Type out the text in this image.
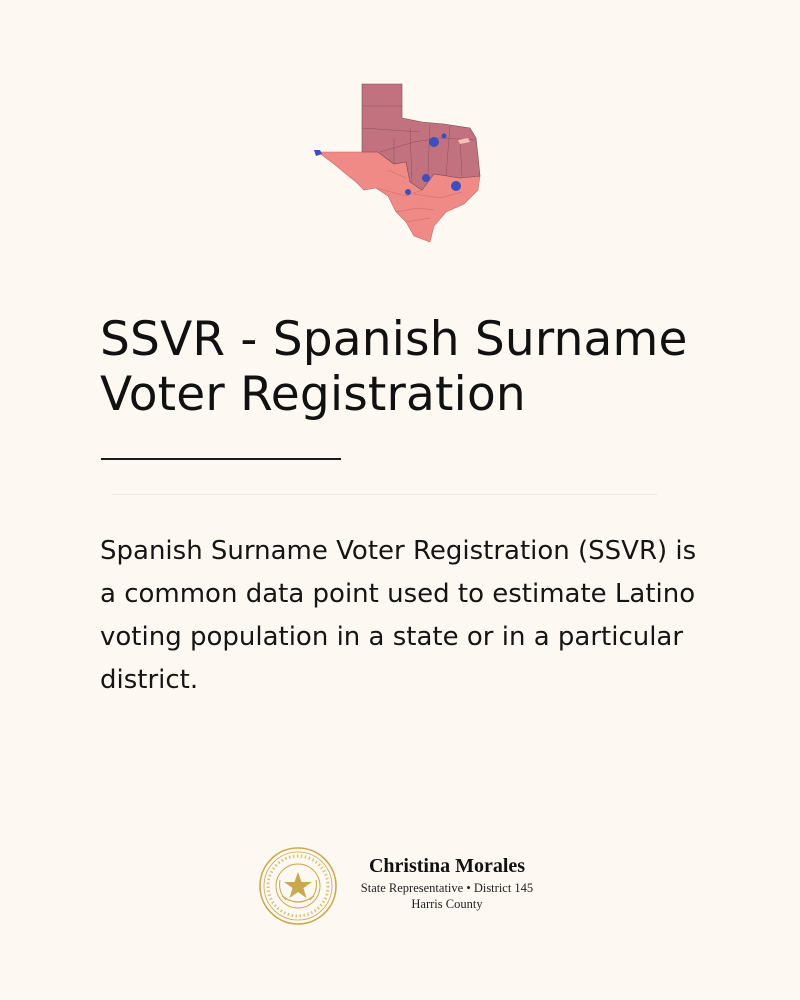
SSVR - Spanish Surname Voter Registration

Spanish Surname Voter Registration (SSVR) is a common data point used to estimate Latino voting population in a state or in a particular district.

Christina Morales
State Representative • District 145
Harris County
